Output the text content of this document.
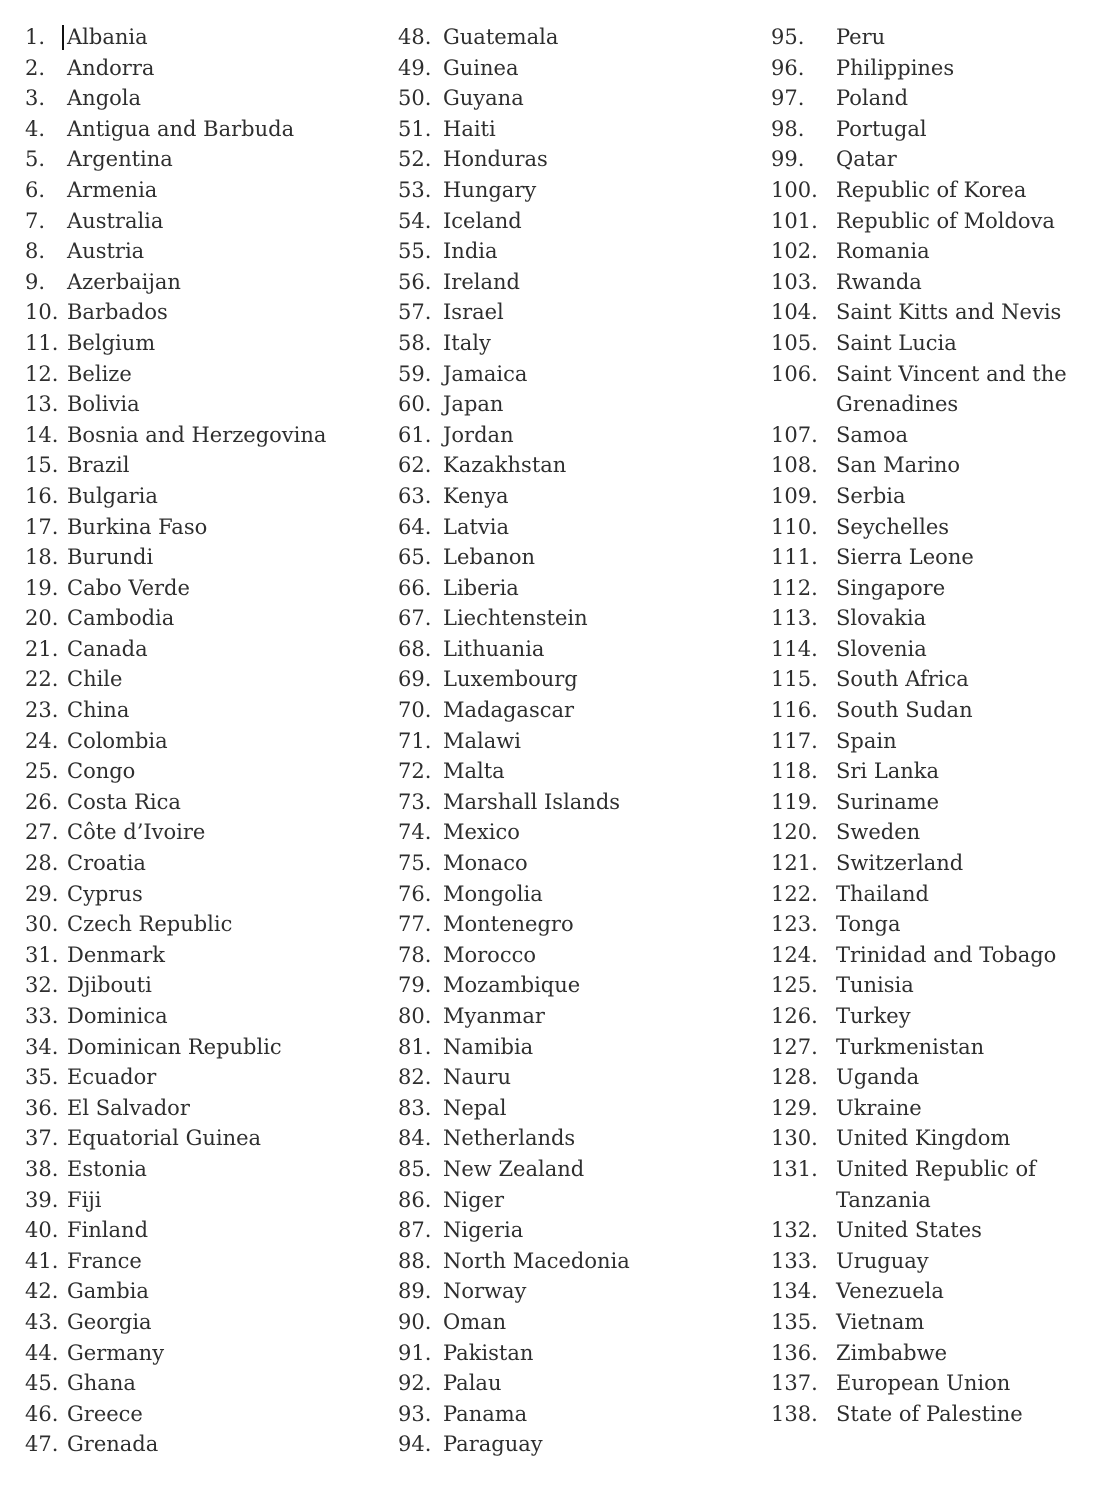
1.	Albania
2.	Andorra
3.	Angola
4.	Antigua and Barbuda
5.	Argentina
6.	Armenia
7.	Australia
8.	Austria
9.	Azerbaijan
10. Barbados
11. Belgium
12. Belize
13. Bolivia
14. Bosnia and Herzegovina
15. Brazil
16. Bulgaria
17. Burkina Faso
18. Burundi
19. Cabo Verde
20. Cambodia
21. Canada
22. Chile
23. China
24. Colombia
25. Congo
26. Costa Rica
27. Côte d’Ivoire
28. Croatia
29. Cyprus
30. Czech Republic
31. Denmark
32. Djibouti
33. Dominica
34. Dominican Republic
35. Ecuador
36. El Salvador
37. Equatorial Guinea
38. Estonia
39. Fiji
40. Finland
41. France
42. Gambia
43. Georgia
44. Germany
45. Ghana
46. Greece
47. Grenada
48. Guatemala
49. Guinea
50. Guyana
51. Haiti
52. Honduras
53. Hungary
54. Iceland
55. India
56. Ireland
57. Israel
58. Italy
59. Jamaica
60. Japan
61. Jordan
62. Kazakhstan
63. Kenya
64. Latvia
65. Lebanon
66. Liberia
67. Liechtenstein
68. Lithuania
69. Luxembourg
70. Madagascar
71. Malawi
72. Malta
73. Marshall Islands
74. Mexico
75. Monaco
76. Mongolia
77. Montenegro
78. Morocco
79. Mozambique
80. Myanmar
81. Namibia
82. Nauru
83. Nepal
84. Netherlands
85. New Zealand
86. Niger
87. Nigeria
88. North Macedonia
89. Norway
90. Oman
91. Pakistan
92. Palau
93. Panama
94. Paraguay
95.	Peru
96.	Philippines
97.	Poland
98.	Portugal
99.	Qatar
100. Republic of Korea
101. Republic of Moldova
102. Romania
103. Rwanda
104. Saint Kitts and Nevis
105. Saint Lucia
106. Saint Vincent and the Grenadines
107. Samoa
108. San Marino
109. Serbia
110. Seychelles
111. Sierra Leone
112. Singapore
113. Slovakia
114. Slovenia
115. South Africa
116. South Sudan
117. Spain
118. Sri Lanka
119. Suriname
120. Sweden
121. Switzerland
122. Thailand
123. Tonga
124. Trinidad and Tobago
125. Tunisia
126. Turkey
127. Turkmenistan
128. Uganda
129. Ukraine
130. United Kingdom
131. United Republic of Tanzania
132. United States
133. Uruguay
134. Venezuela
135. Vietnam
136. Zimbabwe
137. European Union
138. State of Palestine
